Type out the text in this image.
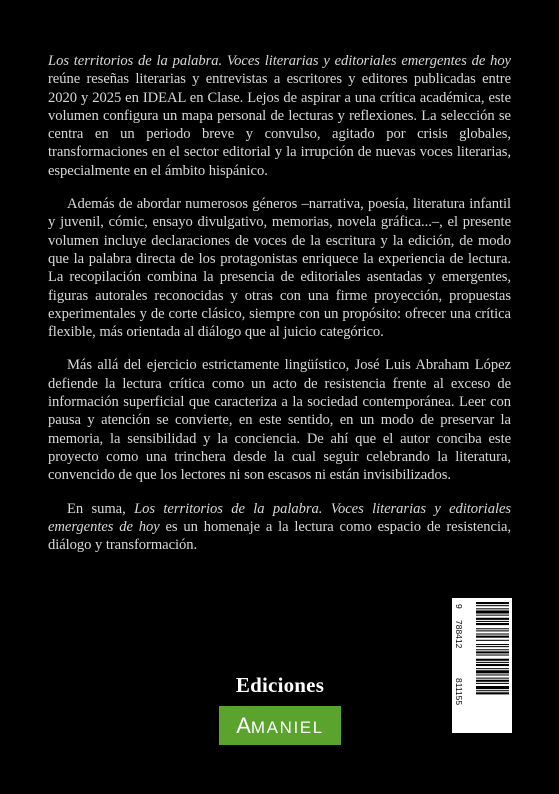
Los territorios de la palabra. Voces literarias y editoriales emergentes de hoy reúne reseñas literarias y entrevistas a escritores y editores publicadas entre 2020 y 2025 en IDEAL en Clase. Lejos de aspirar a una crítica académica, este volumen configura un mapa personal de lecturas y reflexiones. La selección se centra en un periodo breve y convulso, agitado por crisis globales, transformaciones en el sector editorial y la irrupción de nuevas voces literarias, especialmente en el ámbito hispánico.

Además de abordar numerosos géneros –narrativa, poesía, literatura infantil y juvenil, cómic, ensayo divulgativo, memorias, novela gráfica...–, el presente volumen incluye declaraciones de voces de la escritura y la edición, de modo que la palabra directa de los protagonistas enriquece la experiencia de lectura. La recopilación combina la presencia de editoriales asentadas y emergentes, figuras autorales reconocidas y otras con una firme proyección, propuestas experimentales y de corte clásico, siempre con un propósito: ofrecer una crítica flexible, más orientada al diálogo que al juicio categórico.

Más allá del ejercicio estrictamente lingüístico, José Luis Abraham López defiende la lectura crítica como un acto de resistencia frente al exceso de información superficial que caracteriza a la sociedad contemporánea. Leer con pausa y atención se convierte, en este sentido, en un modo de preservar la memoria, la sensibilidad y la conciencia. De ahí que el autor conciba este proyecto como una trinchera desde la cual seguir celebrando la literatura, convencido de que los lectores ni son escasos ni están invisibilizados.

En suma, Los territorios de la palabra. Voces literarias y editoriales emergentes de hoy es un homenaje a la lectura como espacio de resistencia, diálogo y transformación.

9
788412
811155
Ediciones
AMANIEL
